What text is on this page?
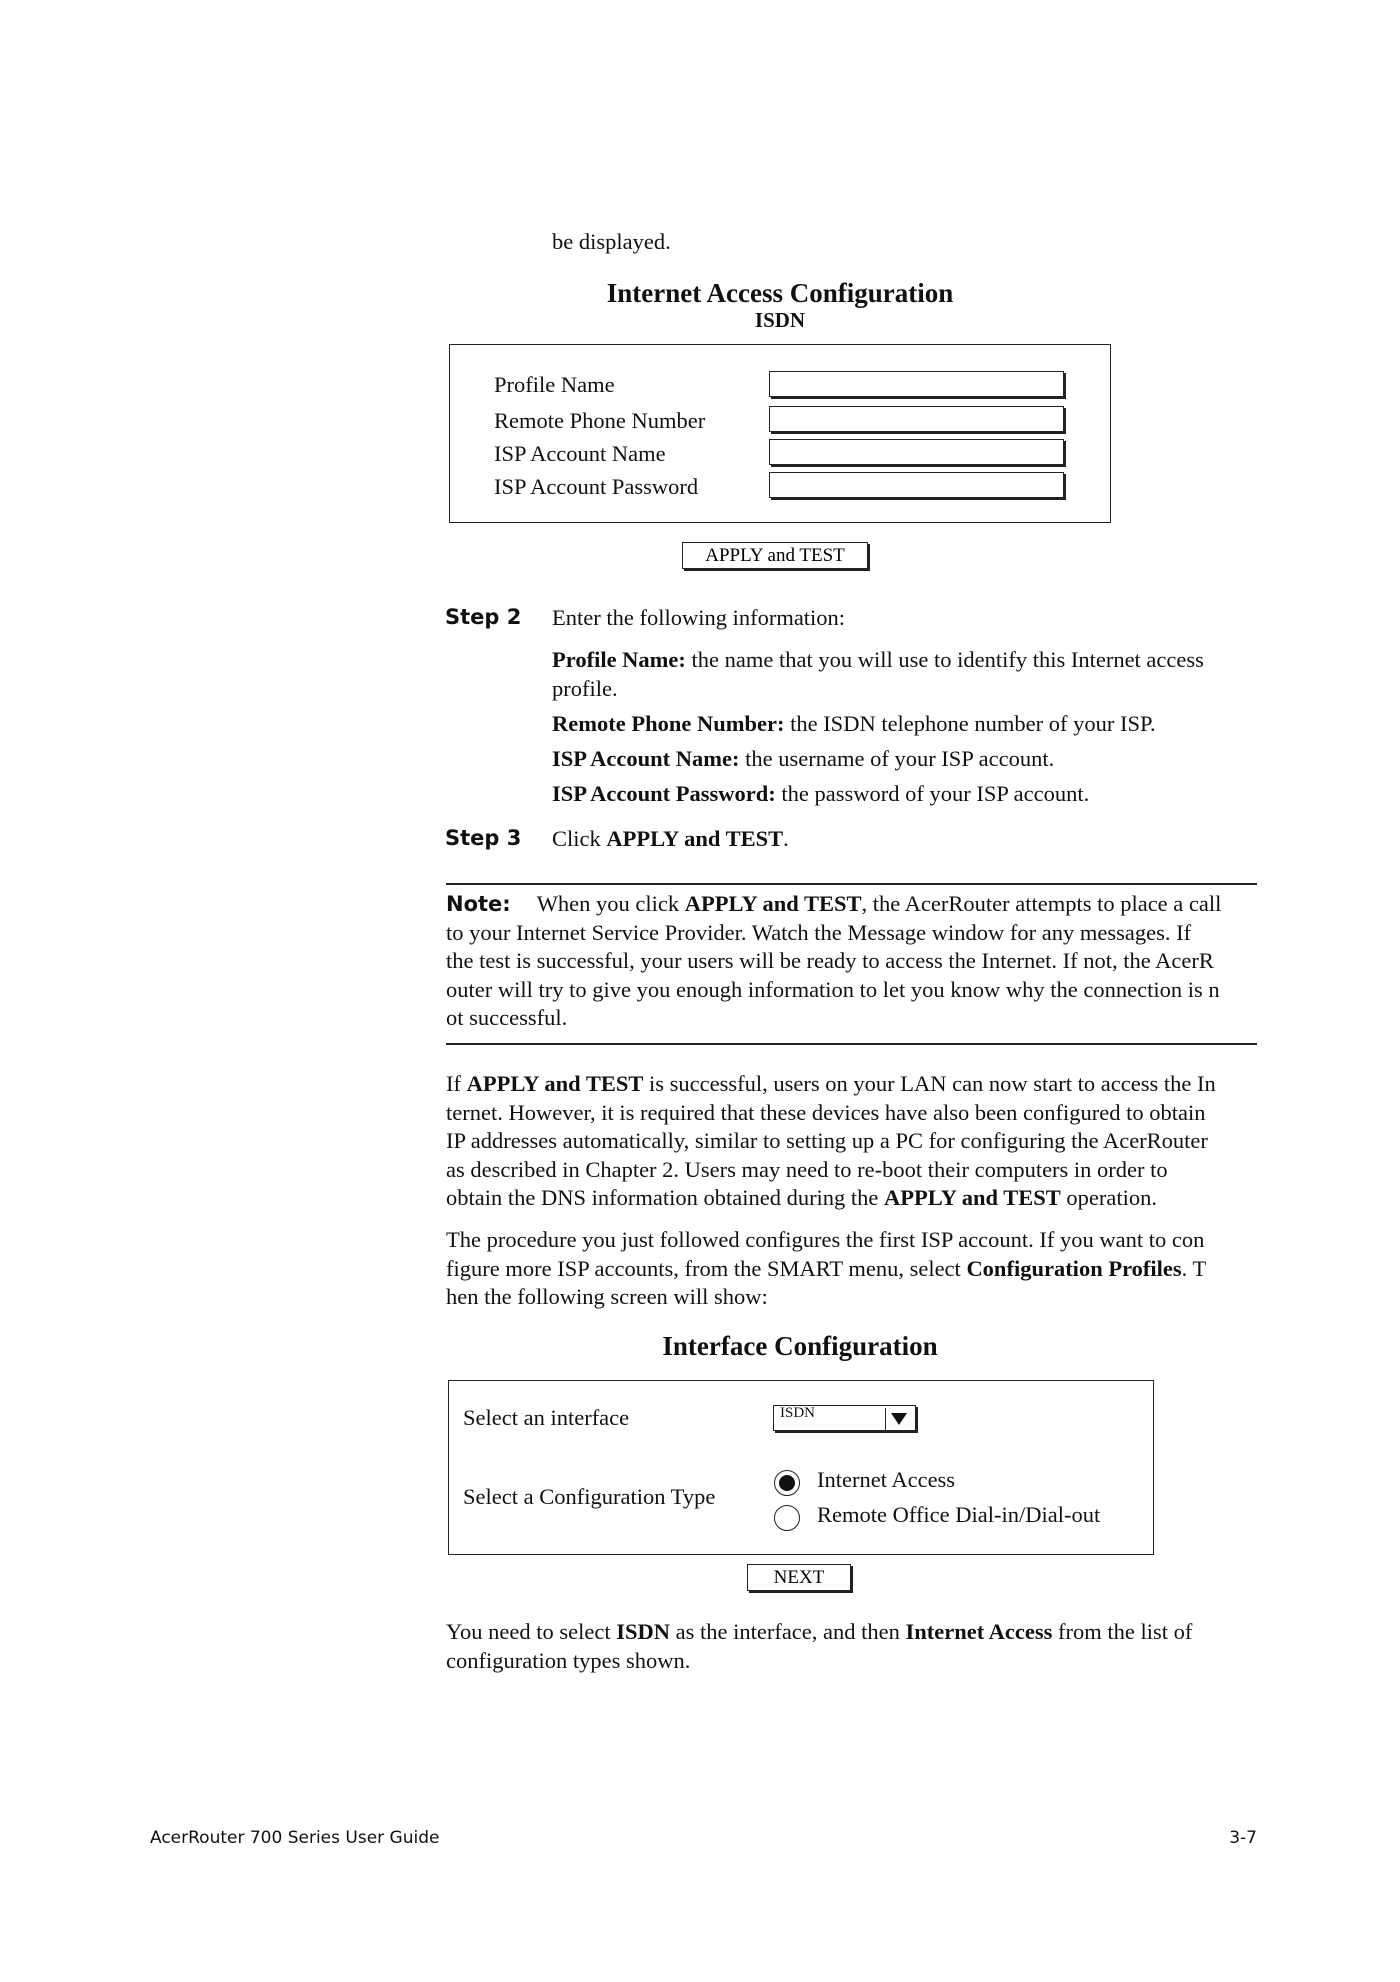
be displayed.
Internet Access Configuration
ISDN
Profile Name
Remote Phone Number
ISP Account Name
ISP Account Password
APPLY and TEST
Step 2 Enter the following information:
Profile Name: the name that you will use to identify this Internet access
profile.
Remote Phone Number: the ISDN telephone number of your ISP.
ISP Account Name: the username of your ISP account.
ISP Account Password: the password of your ISP account.
Step 3 Click APPLY and TEST.
Note: When you click APPLY and TEST, the AcerRouter attempts to place a call
to your Internet Service Provider. Watch the Message window for any messages. If
the test is successful, your users will be ready to access the Internet. If not, the AcerR
outer will try to give you enough information to let you know why the connection is n
ot successful.
If APPLY and TEST is successful, users on your LAN can now start to access the In
ternet. However, it is required that these devices have also been configured to obtain
IP addresses automatically, similar to setting up a PC for configuring the AcerRouter
as described in Chapter 2. Users may need to re-boot their computers in order to
obtain the DNS information obtained during the APPLY and TEST operation.
The procedure you just followed configures the first ISP account. If you want to con
figure more ISP accounts, from the SMART menu, select Configuration Profiles. T
hen the following screen will show:
Interface Configuration
Select an interface	ISDN
Select a Configuration Type
Internet Access
Remote Office Dial-in/Dial-out
NEXT
You need to select ISDN as the interface, and then Internet Access from the list of
configuration types shown.
AcerRouter 700 Series User Guide	3-7
